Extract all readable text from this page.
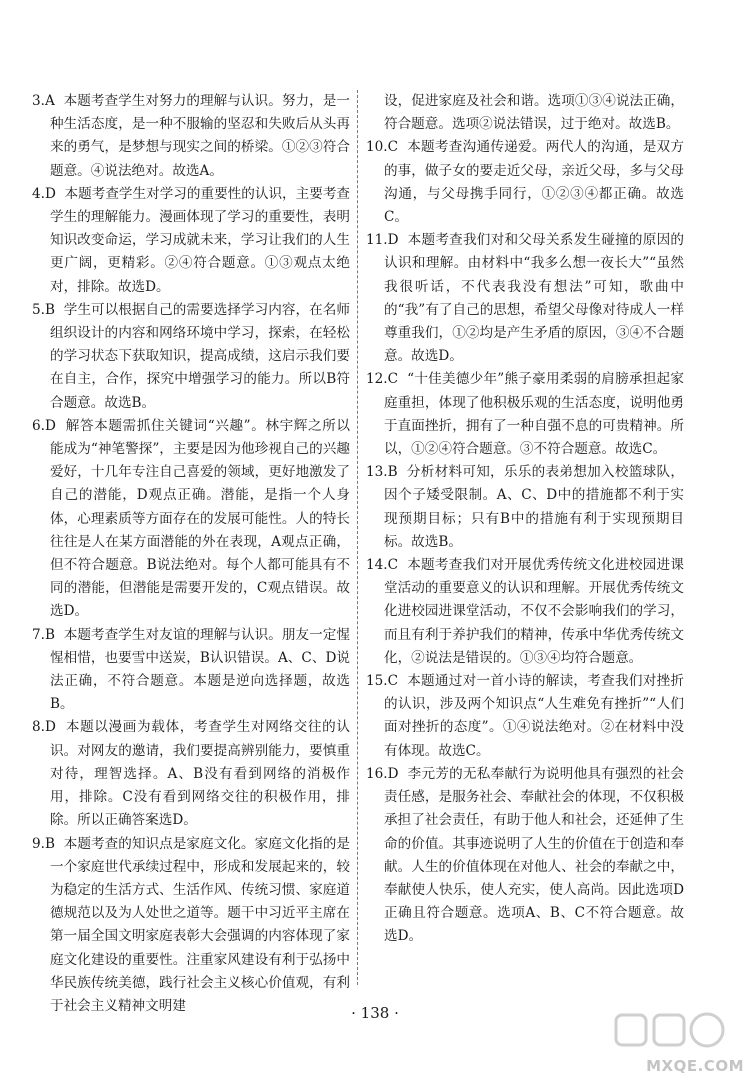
3.A 本题考查学生对努力的理解与认识。努力，是一种生活态度，是一种不服输的坚忍和失败后从头再来的勇气，是梦想与现实之间的桥梁。①②③符合题意。④说法绝对。故选A。

4.D 本题考查学生对学习的重要性的认识，主要考查学生的理解能力。漫画体现了学习的重要性，表明知识改变命运，学习成就未来，学习让我们的人生更广阔，更精彩。②④符合题意。①③观点太绝对，排除。故选D。

5.B 学生可以根据自己的需要选择学习内容，在名师组织设计的内容和网络环境中学习，探索，在轻松的学习状态下获取知识，提高成绩，这启示我们要在自主，合作，探究中增强学习的能力。所以B符合题意。故选B。

6.D 解答本题需抓住关键词“兴趣”。林宇辉之所以能成为“神笔警探”，主要是因为他珍视自己的兴趣爱好，十几年专注自己喜爱的领域，更好地激发了自己的潜能，D观点正确。潜能，是指一个人身体，心理素质等方面存在的发展可能性。人的特长往往是人在某方面潜能的外在表现，A观点正确，但不符合题意。B说法绝对。每个人都可能具有不同的潜能，但潜能是需要开发的，C观点错误。故选D。

7.B 本题考查学生对友谊的理解与认识。朋友一定惺惺相惜，也要雪中送炭，B认识错误。A、C、D说法正确，不符合题意。本题是逆向选择题，故选B。

8.D 本题以漫画为载体，考查学生对网络交往的认识。对网友的邀请，我们要提高辨别能力，要慎重对待，理智选择。A、B没有看到网络的消极作用，排除。C没有看到网络交往的积极作用，排除。所以正确答案选D。

9.B 本题考查的知识点是家庭文化。家庭文化指的是一个家庭世代承续过程中，形成和发展起来的，较为稳定的生活方式、生活作风、传统习惯、家庭道德规范以及为人处世之道等。题干中习近平主席在第一届全国文明家庭表彰大会强调的内容体现了家庭文化建设的重要性。注重家风建设有利于弘扬中华民族传统美德，践行社会主义核心价值观，有利于社会主义精神文明建

设，促进家庭及社会和谐。选项①③④说法正确，符合题意。选项②说法错误，过于绝对。故选B。

10.C 本题考查沟通传递爱。两代人的沟通，是双方的事，做子女的要走近父母，亲近父母，多与父母沟通，与父母携手同行，①②③④都正确。故选C。

11.D 本题考查我们对和父母关系发生碰撞的原因的认识和理解。由材料中“我多么想一夜长大”“虽然我很听话，不代表我没有想法”可知，歌曲中的“我”有了自己的思想，希望父母像对待成人一样尊重我们，①②均是产生矛盾的原因，③④不合题意。故选D。

12.C “十佳美德少年”熊子豪用柔弱的肩膀承担起家庭重担，体现了他积极乐观的生活态度，说明他勇于直面挫折，拥有了一种自强不息的可贵精神。所以，①②④符合题意。③不符合题意。故选C。

13.B 分析材料可知，乐乐的表弟想加入校篮球队，因个子矮受限制。A、C、D中的措施都不利于实现预期目标；只有B中的措施有利于实现预期目标。故选B。

14.C 本题考查我们对开展优秀传统文化进校园进课堂活动的重要意义的认识和理解。开展优秀传统文化进校园进课堂活动，不仅不会影响我们的学习，而且有利于养护我们的精神，传承中华优秀传统文化，②说法是错误的。①③④均符合题意。

15.C 本题通过对一首小诗的解读，考查我们对挫折的认识，涉及两个知识点“人生难免有挫折”“人们面对挫折的态度”。①④说法绝对。②在材料中没有体现。故选C。

16.D 李元芳的无私奉献行为说明他具有强烈的社会责任感，是服务社会、奉献社会的体现，不仅积极承担了社会责任，有助于他人和社会，还延伸了生命的价值。其事迹说明了人生的价值在于创造和奉献。人生的价值体现在对他人、社会的奉献之中，奉献使人快乐，使人充实，使人高尚。因此选项D正确且符合题意。选项A、B、C不符合题意。故选D。

· 138 ·
MXQE.COM
